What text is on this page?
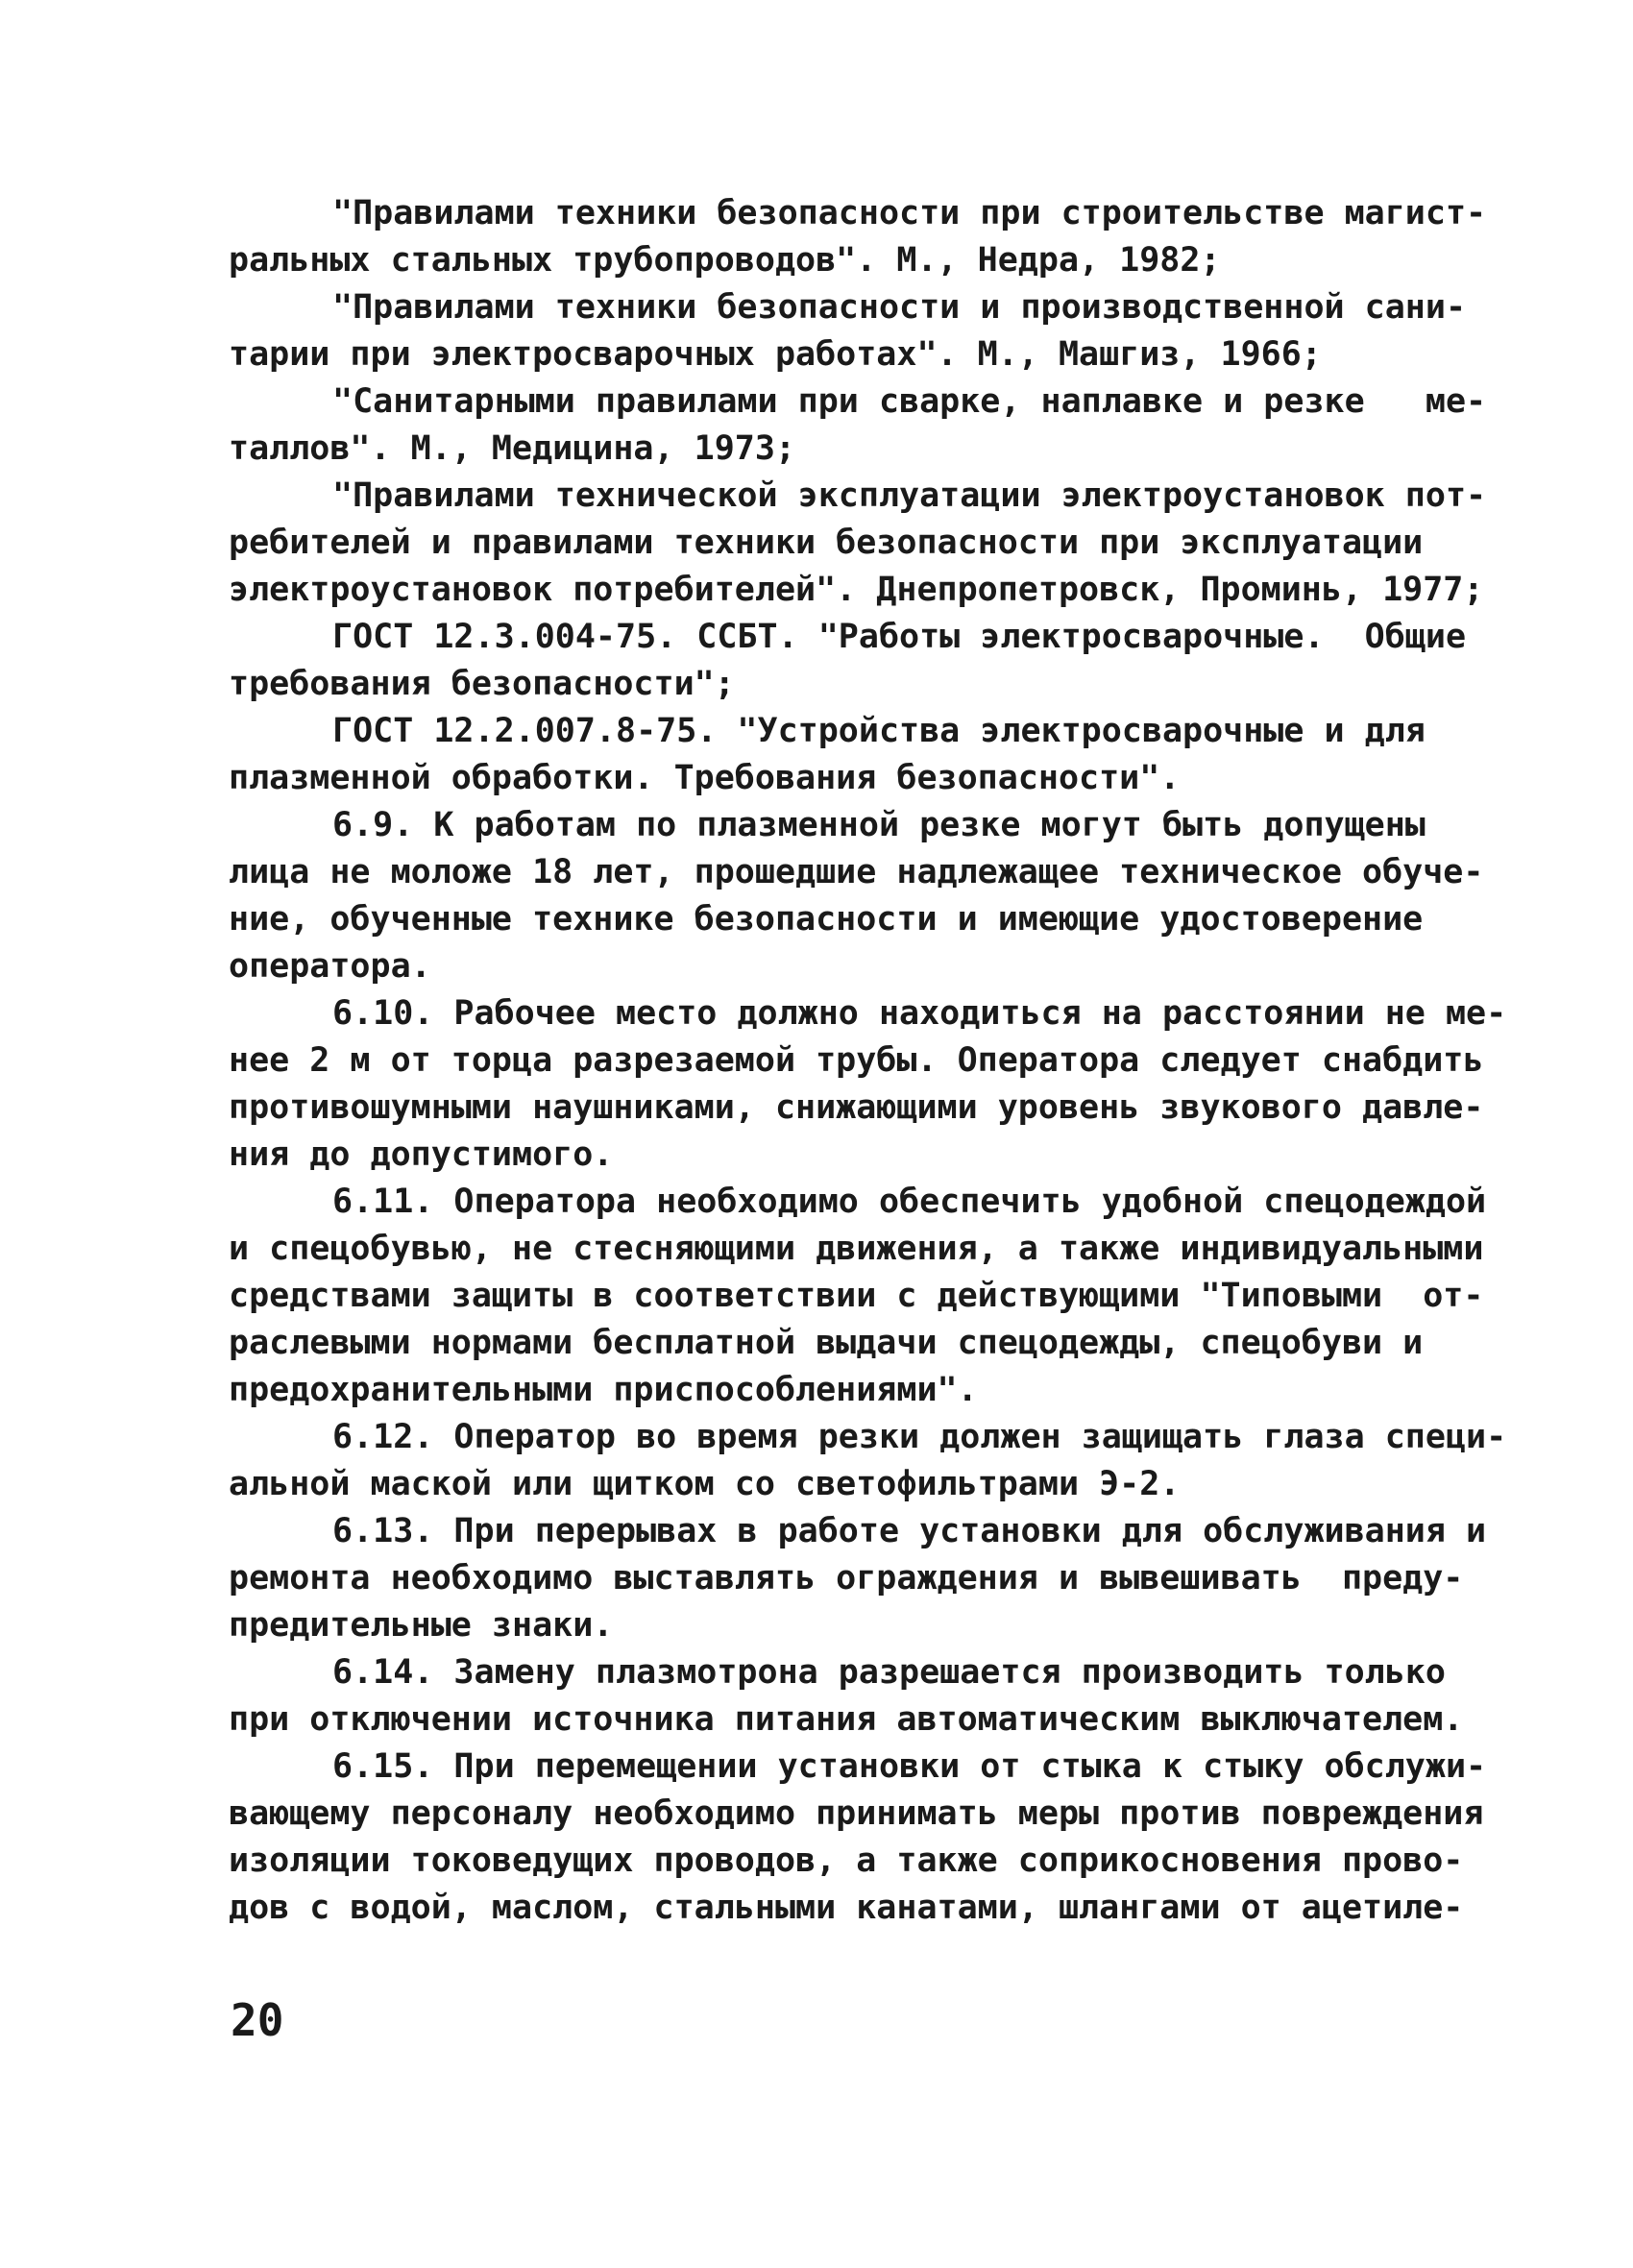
"Правилами техники безопасности при строительстве магист-
ральных стальных трубопроводов". М., Недра, 1982;
"Правилами техники безопасности и производственной сани-
тарии при электросварочных работах". М., Машгиз, 1966;
"Санитарными правилами при сварке, наплавке и резке   ме-
таллов". М., Медицина, 1973;
"Правилами технической эксплуатации электроустановок пот-
ребителей и правилами техники безопасности при эксплуатации
электроустановок потребителей". Днепропетровск, Проминь, 1977;
ГОСТ 12.3.004-75. ССБТ. "Работы электросварочные.  Общие
требования безопасности";
ГОСТ 12.2.007.8-75. "Устройства электросварочные и для
плазменной обработки. Требования безопасности".
6.9. К работам по плазменной резке могут быть допущены
лица не моложе 18 лет, прошедшие надлежащее техническое обуче-
ние, обученные технике безопасности и имеющие удостоверение
оператора.
6.10. Рабочее место должно находиться на расстоянии не ме-
нее 2 м от торца разрезаемой трубы. Оператора следует снабдить
противошумными наушниками, снижающими уровень звукового давле-
ния до допустимого.
6.11. Оператора необходимо обеспечить удобной спецодеждой
и спецобувью, не стесняющими движения, а также индивидуальными
средствами защиты в соответствии с действующими "Типовыми  от-
раслевыми нормами бесплатной выдачи спецодежды, спецобуви и
предохранительными приспособлениями".
6.12. Оператор во время резки должен защищать глаза специ-
альной маской или щитком со светофильтрами Э-2.
6.13. При перерывах в работе установки для обслуживания и
ремонта необходимо выставлять ограждения и вывешивать  преду-
предительные знаки.
6.14. Замену плазмотрона разрешается производить только
при отключении источника питания автоматическим выключателем.
6.15. При перемещении установки от стыка к стыку обслужи-
вающему персоналу необходимо принимать меры против повреждения
изоляции токоведущих проводов, а также соприкосновения прово-
дов с водой, маслом, стальными канатами, шлангами от ацетиле-
20
